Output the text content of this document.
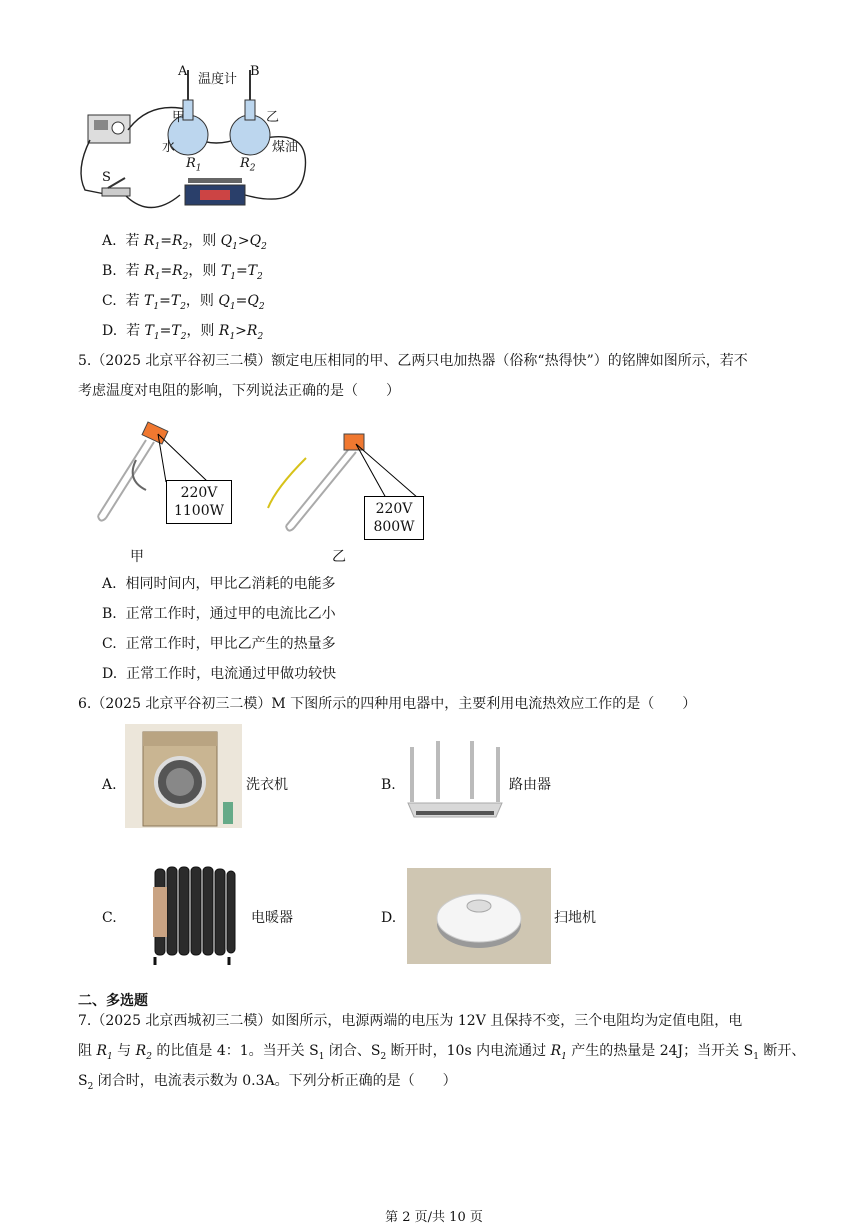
A
温度计
B
甲	乙
水	煤油
$R_1$	$R_2$
S
A. 若 $R_1=R_2$，则 $Q_1>Q_2$
B. 若 $R_1=R_2$，则 $T_1=T_2$
C. 若 $T_1=T_2$，则 $Q_1=Q_2$
D. 若 $T_1=T_2$，则 $R_1>R_2$
5.（2025 北京平谷初三二模）额定电压相同的甲、乙两只电加热器（俗称“热得快”）的铭牌如图所示，若不
考虑温度对电阻的影响，下列说法正确的是（　　）
220V
1100W
甲
220V
800W
乙
A. 相同时间内，甲比乙消耗的电能多
B. 正常工作时，通过甲的电流比乙小
C. 正常工作时，甲比乙产生的热量多
D. 正常工作时，电流通过甲做功较快
6.（2025 北京平谷初三二模）M 下图所示的四种用电器中，主要利用电流热效应工作的是（　　）
A.	洗衣机	B.	路由器
C.	电暖器	D.	扫地机
二、多选题
7.（2025 北京西城初三二模）如图所示，电源两端的电压为 12V 且保持不变，三个电阻均为定值电阻，电
阻 $R_1$ 与 $R_2$ 的比值是 4：1。当开关 $S_1$ 闭合、$S_2$ 断开时，10s 内电流通过 $R_1$ 产生的热量是 24J；当开关 $S_1$ 断开、
$S_2$ 闭合时，电流表示数为 0.3A。下列分析正确的是（　　）
第 2 页/共 10 页
